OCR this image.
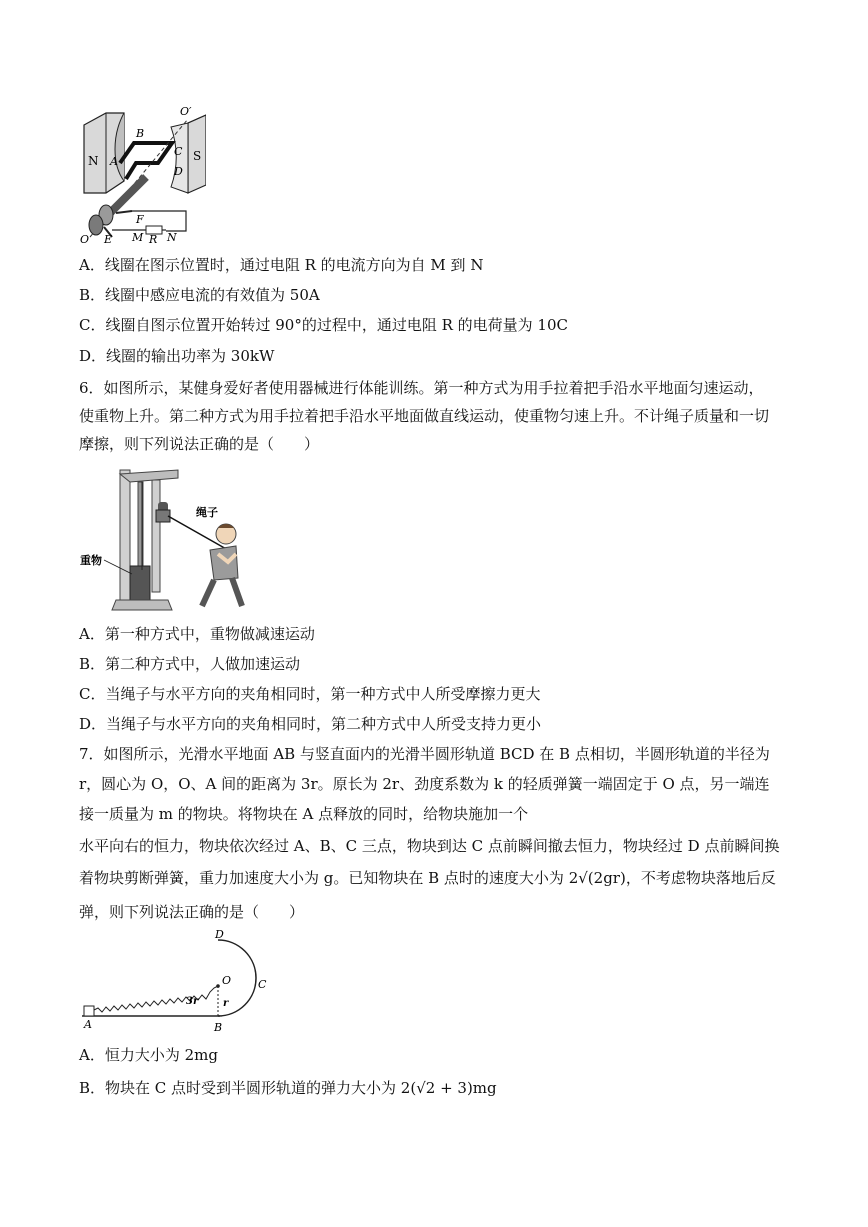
O′
B
A
C
D
N	S
F
O E M R N
A．线圈在图示位置时，通过电阻 R 的电流方向为自 M 到 N
B．线圈中感应电流的有效值为 50A
C．线圈自图示位置开始转过 90°的过程中，通过电阻 R 的电荷量为 10C
D．线圈的输出功率为 30kW
6．如图所示，某健身爱好者使用器械进行体能训练。第一种方式为用手拉着把手沿水平地面匀速运动，
使重物上升。第二种方式为用手拉着把手沿水平地面做直线运动，使重物匀速上升。不计绳子质量和一切
摩擦，则下列说法正确的是（　　）
绳子
重物
A．第一种方式中，重物做减速运动
B．第二种方式中，人做加速运动
C．当绳子与水平方向的夹角相同时，第一种方式中人所受摩擦力更大
D．当绳子与水平方向的夹角相同时，第二种方式中人所受支持力更小
7．如图所示，光滑水平地面 AB 与竖直面内的光滑半圆形轨道 BCD 在 B 点相切，半圆形轨道的半径为
r，圆心为 O，O、A 间的距离为 3r。原长为 2r、劲度系数为 k 的轻质弹簧一端固定于 O 点，另一端连
接一质量为 m 的物块。将物块在 A 点释放的同时，给物块施加一个
水平向右的恒力，物块依次经过 A、B、C 三点，物块到达 C 点前瞬间撤去恒力，物块经过 D 点前瞬间换
着物块剪断弹簧，重力加速度大小为 g。已知物块在 B 点时的速度大小为 2√(2gr)，不考虑物块落地后反
弹，则下列说法正确的是（　　）
D
O C
3r r
A	B
A．恒力大小为 2mg
B．物块在 C 点时受到半圆形轨道的弹力大小为 2(√2 + 3)mg
